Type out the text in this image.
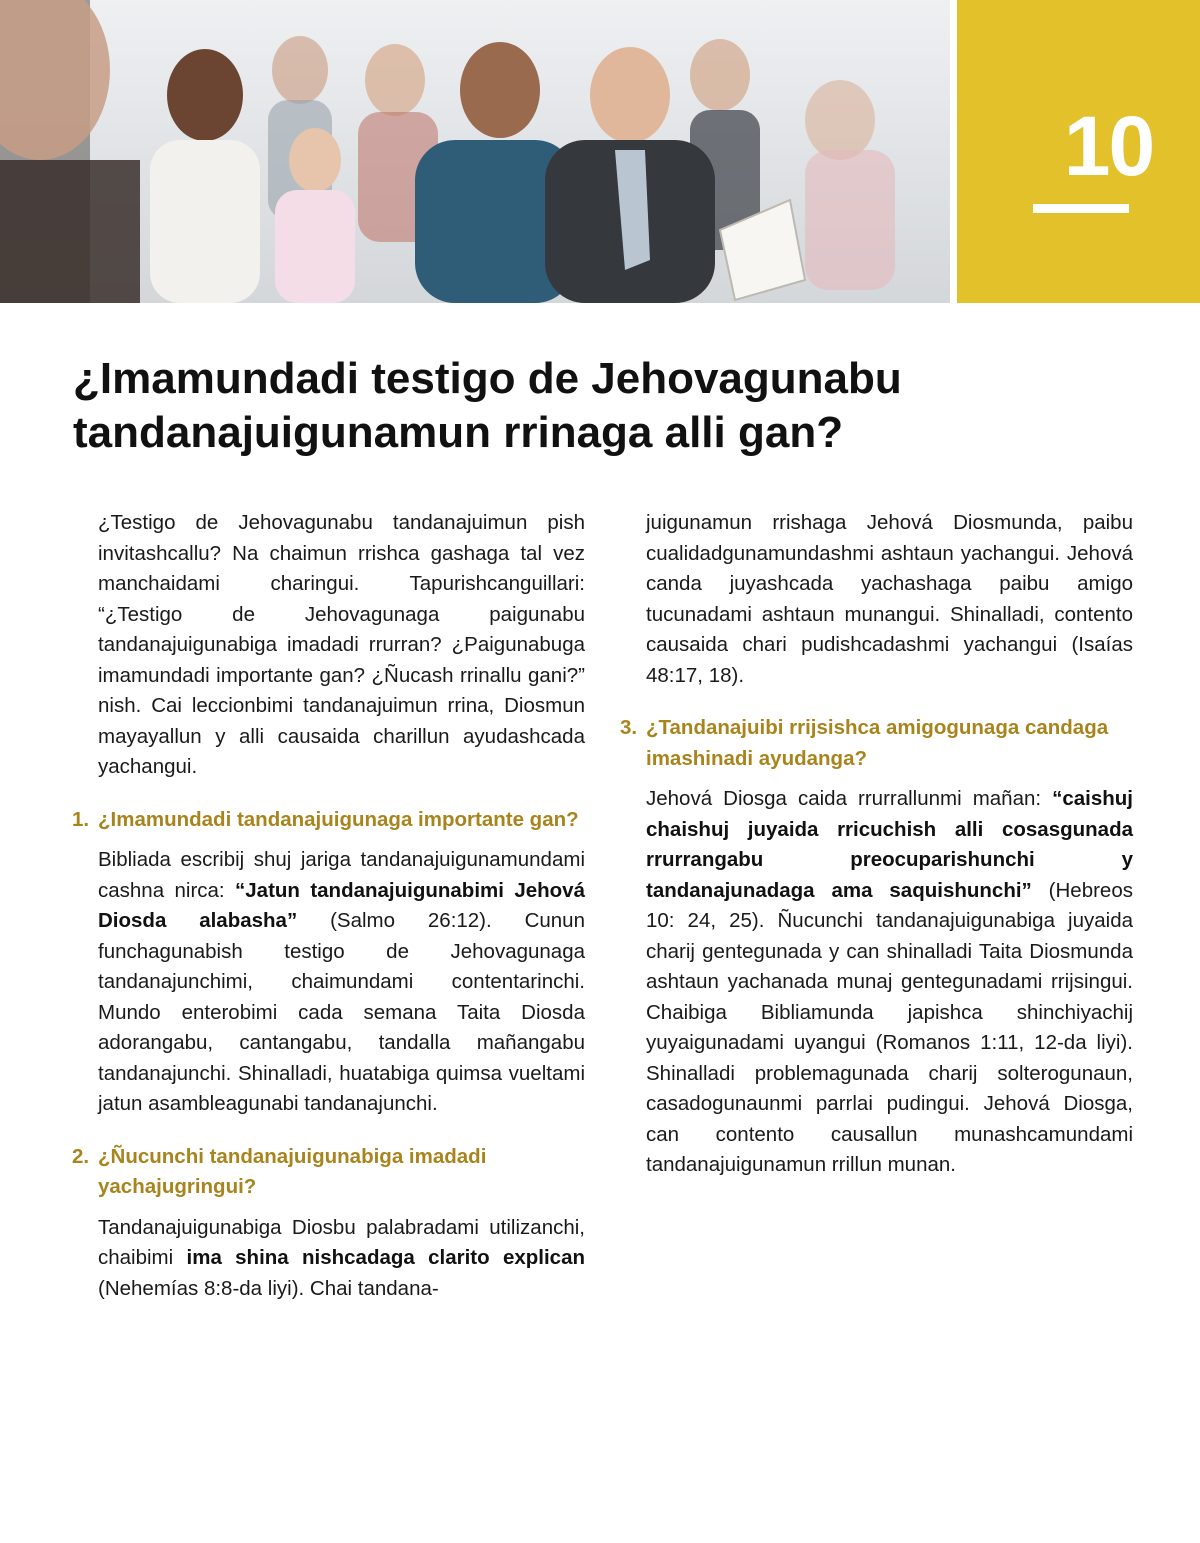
10
¿Imamundadi testigo de Jehovagunabu tandanajuigunamun rrinaga alli gan?

¿Testigo de Jehovagunabu tandanajuimun pish invitashcallu? Na chaimun rrishca gashaga tal vez manchaidami charingui. Tapurishcanguillari: “¿Testigo de Jehovagunaga paigunabu tandanajuigunabiga imadadi rrurran? ¿Paigunabuga imamundadi importante gan? ¿Ñucash rrinallu gani?” nish. Cai leccionbimi tandanajuimun rrina, Diosmun mayayallun y alli causaida charillun ayudashcada yachangui.

1. ¿Imamundadi tandanajuigunaga importante gan?

Bibliada escribij shuj jariga tandanajuigunamundami cashna nirca: “Jatun tandanajuigunabimi Jehová Diosda alabasha” (Salmo 26:12). Cunun funchagunabish testigo de Jehovagunaga tandanajunchimi, chaimundami contentarinchi. Mundo enterobimi cada semana Taita Diosda adorangabu, cantangabu, tandalla mañangabu tandanajunchi. Shinalladi, huatabiga quimsa vueltami jatun asambleagunabi tandanajunchi.

2. ¿Ñucunchi tandanajuigunabiga imadadi yachajugringui?

Tandanajuigunabiga Diosbu palabradami utilizanchi, chaibimi ima shina nishcadaga clarito explican (Nehemías 8:8-da liyi). Chai tandana-

juigunamun rrishaga Jehová Diosmunda, paibu cualidadgunamundashmi ashtaun yachangui. Jehová canda juyashcada yachashaga paibu amigo tucunadami ashtaun munangui. Shinalladi, contento causaida chari pudishcadashmi yachangui (Isaías 48:17, 18).

3. ¿Tandanajuibi rrijsishca amigogunaga candaga imashinadi ayudanga?

Jehová Diosga caida rrurrallunmi mañan: “caishuj chaishuj juyaida rricuchish alli cosasgunada rrurrangabu preocuparishunchi y tandanajunadaga ama saquishunchi” (Hebreos 10: 24, 25). Ñucunchi tandanajuigunabiga juyaida charij gentegunada y can shinalladi Taita Diosmunda ashtaun yachanada munaj gentegunadami rrijsingui. Chaibiga Bibliamunda japishca shinchiyachij yuyaigunadami uyangui (Romanos 1:11, 12-da liyi). Shinalladi problemagunada charij solterogunaun, casadogunaunmi parrlai pudingui. Jehová Diosga, can contento causallun munashcamundami tandanajuigunamun rrillun munan.
